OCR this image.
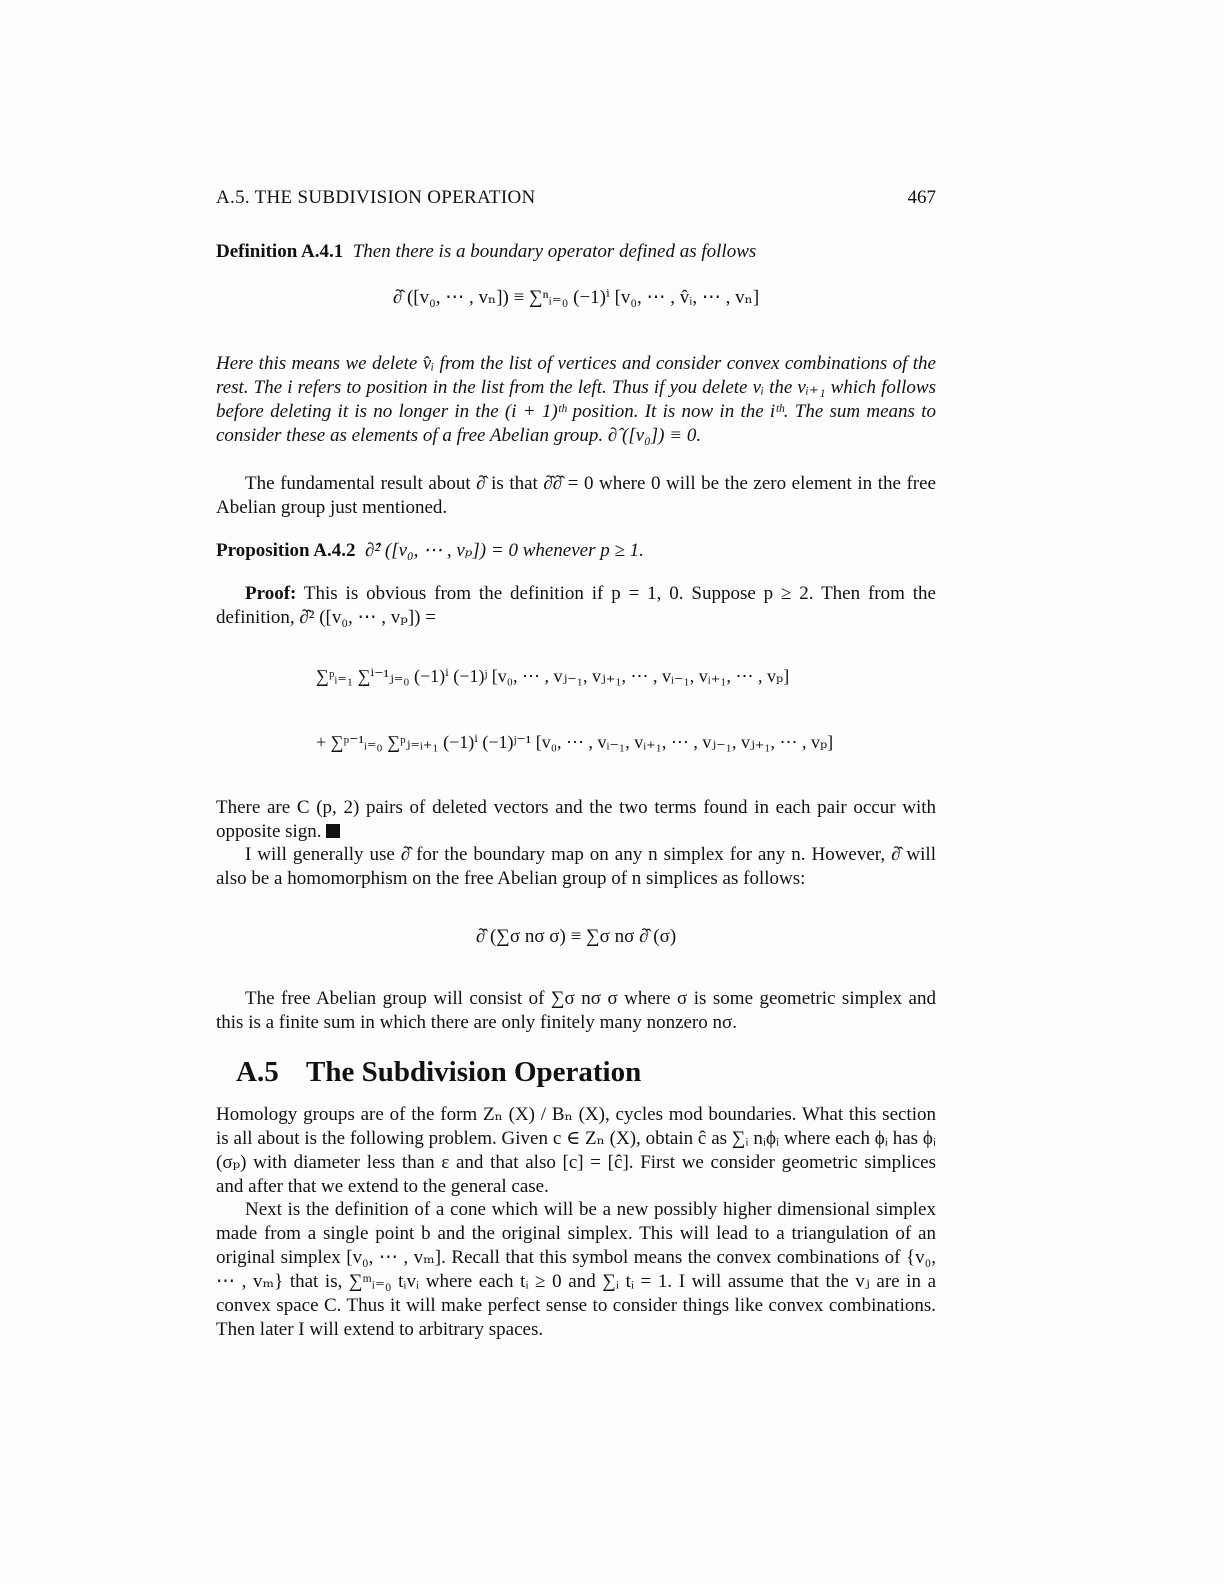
A.5. THE SUBDIVISION OPERATION	467
Definition A.4.1 Then there is a boundary operator defined as follows
∂̂ ([v₀, ⋯ , vₙ]) ≡ ∑ⁿᵢ₌₀ (−1)ⁱ [v₀, ⋯ , v̂ᵢ, ⋯ , vₙ]
Here this means we delete v̂ᵢ from the list of vertices and consider convex combinations of the rest. The i refers to position in the list from the left. Thus if you delete vᵢ the vᵢ₊₁ which follows before deleting it is no longer in the (i + 1)ᵗʰ position. It is now in the iᵗʰ. The sum means to consider these as elements of a free Abelian group. ∂̂ ([v₀]) ≡ 0.
The fundamental result about ∂̂ is that ∂̂∂̂ = 0 where 0 will be the zero element in the free Abelian group just mentioned.
Proposition A.4.2 ∂̂² ([v₀, ⋯ , vₚ]) = 0 whenever p ≥ 1.
Proof: This is obvious from the definition if p = 1, 0. Suppose p ≥ 2. Then from the definition, ∂̂² ([v₀, ⋯ , vₚ]) =
∑ᵖᵢ₌₁ ∑ⁱ⁻¹ⱼ₌₀ (−1)ⁱ (−1)ʲ [v₀, ⋯ , vⱼ₋₁, vⱼ₊₁, ⋯ , vᵢ₋₁, vᵢ₊₁, ⋯ , vₚ]
+ ∑ᵖ⁻¹ᵢ₌₀ ∑ᵖⱼ₌ᵢ₊₁ (−1)ⁱ (−1)ʲ⁻¹ [v₀, ⋯ , vᵢ₋₁, vᵢ₊₁, ⋯ , vⱼ₋₁, vⱼ₊₁, ⋯ , vₚ]
There are C (p, 2) pairs of deleted vectors and the two terms found in each pair occur with opposite sign.
I will generally use ∂̂ for the boundary map on any n simplex for any n. However, ∂̂ will also be a homomorphism on the free Abelian group of n simplices as follows:
∂̂ (∑σ nσ σ) ≡ ∑σ nσ ∂̂ (σ)
The free Abelian group will consist of ∑σ nσ σ where σ is some geometric simplex and this is a finite sum in which there are only finitely many nonzero nσ.
A.5 The Subdivision Operation
Homology groups are of the form Zₙ (X) / Bₙ (X), cycles mod boundaries. What this section is all about is the following problem. Given c ∈ Zₙ (X), obtain ĉ as ∑ᵢ nᵢϕᵢ where each ϕᵢ has ϕᵢ (σₚ) with diameter less than ε and that also [c] = [ĉ]. First we consider geometric simplices and after that we extend to the general case.
Next is the definition of a cone which will be a new possibly higher dimensional simplex made from a single point b and the original simplex. This will lead to a triangulation of an original simplex [v₀, ⋯ , vₘ]. Recall that this symbol means the convex combinations of {v₀, ⋯ , vₘ} that is, ∑ᵐᵢ₌₀ tᵢvᵢ where each tᵢ ≥ 0 and ∑ᵢ tᵢ = 1. I will assume that the vⱼ are in a convex space C. Thus it will make perfect sense to consider things like convex combinations. Then later I will extend to arbitrary spaces.
